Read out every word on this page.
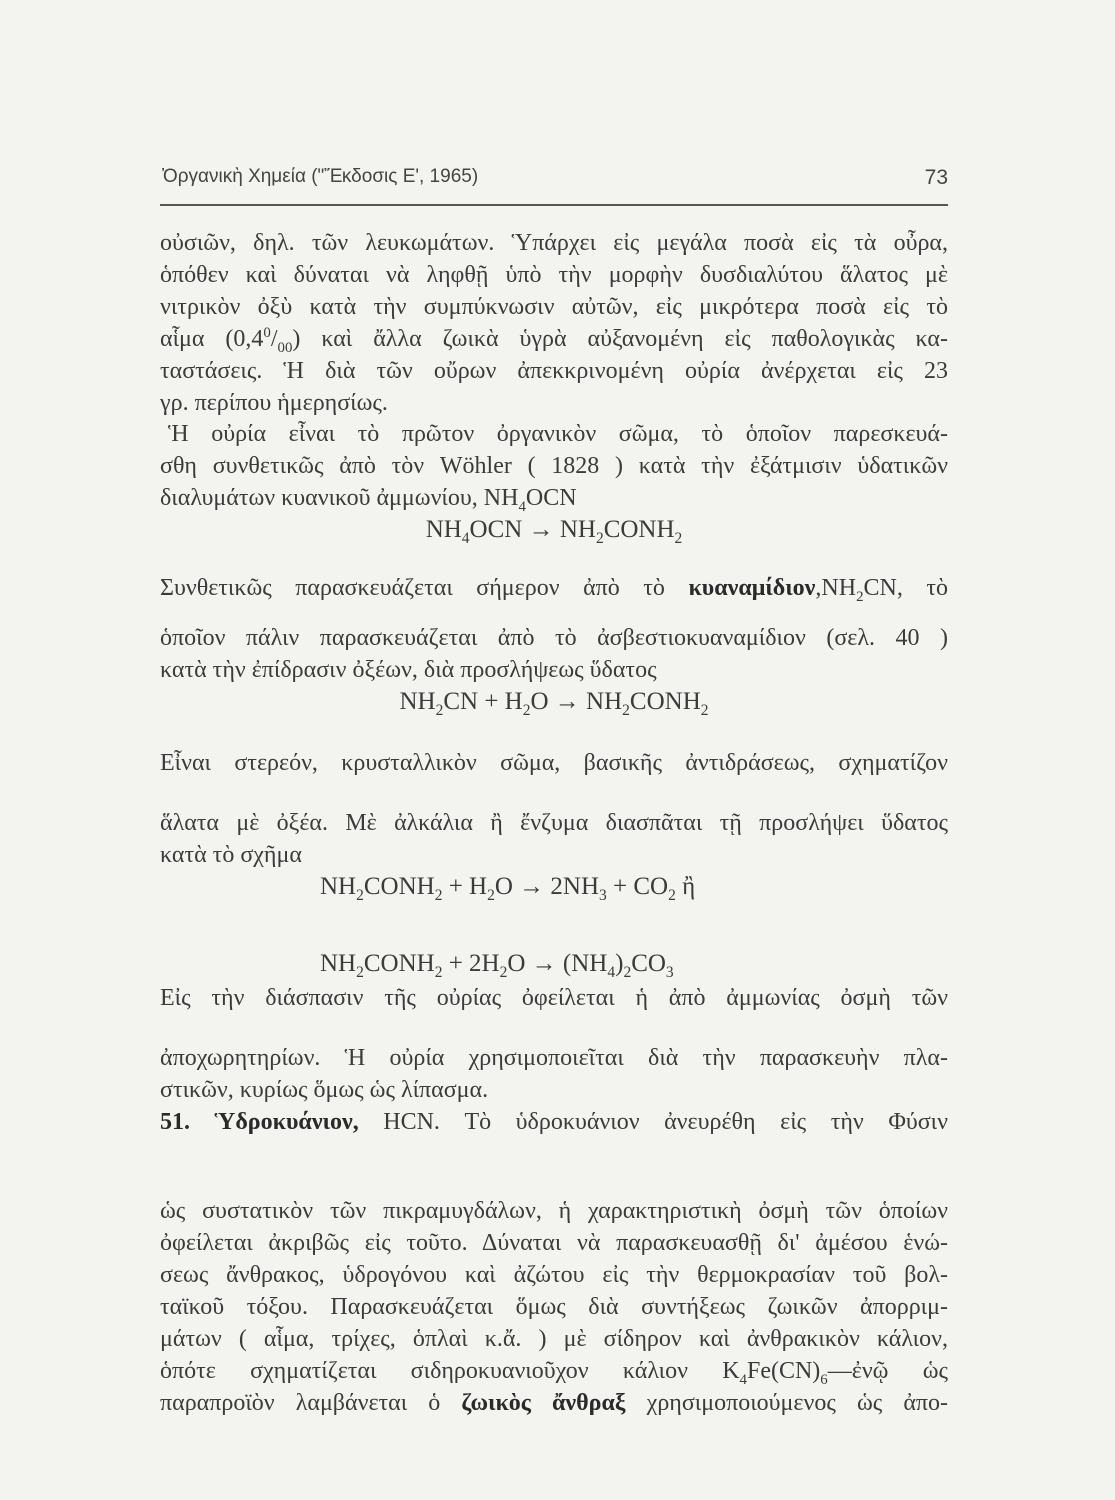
Ὀργανικὴ Χημεία ("Ἔκδοσις Ε', 1965)	73
οὐσιῶν, δηλ. τῶν λευκωμάτων. Ὑπάρχει εἰς μεγάλα ποσὰ εἰς τὰ οὖρα,
ὁπόθεν καὶ δύναται νὰ ληφθῇ ὑπὸ τὴν μορφὴν δυσδιαλύτου ἅλατος μὲ
νιτρικὸν ὀξὺ κατὰ τὴν συμπύκνωσιν αὐτῶν, εἰς μικρότερα ποσὰ εἰς τὸ
αἷμα $(0,4^0/_{00})$ καὶ ἄλλα ζωικὰ ὑγρὰ αὐξανομένη εἰς παθολογικὰς κα-
ταστάσεις. Ἡ διὰ τῶν οὔρων ἀπεκκρινομένη οὐρία ἀνέρχεται εἰς 23
γρ. περίπου ἡμερησίως.
Ἡ οὐρία εἶναι τὸ πρῶτον ὀργανικὸν σῶμα, τὸ ὁποῖον παρεσκευά-
σθη συνθετικῶς ἀπὸ τὸν Wöhler ( 1828 ) κατὰ τὴν ἐξάτμισιν ὑδατικῶν
διαλυμάτων κυανικοῦ ἀμμωνίου, $NH_4OCN$
$NH_4OCN$ → $NH_2CONH_2$
Συνθετικῶς παρασκευάζεται σήμερον ἀπὸ τὸ $\kappa\upsilon\alpha\nu\alpha\mu ί\delta\iota o\nu,NH_2CN$, τὸ
ὁποῖον πάλιν παρασκευάζεται ἀπὸ τὸ ἀσβεστιοκυαναμίδιον (σελ. 40 )
κατὰ τὴν ἐπίδρασιν ὀξέων, διὰ προσλήψεως ὕδατος
$NH_2CN + H_2O$ → $NH_2CONH_2$
Εἶναι στερεόν, κρυσταλλικὸν σῶμα, βασικῆς ἀντιδράσεως, σχηματίζον
ἅλατα μὲ ὀξέα. Μὲ ἀλκάλια ἢ ἔνζυμα διασπᾶται τῇ προσλήψει ὕδατος
κατὰ τὸ σχῆμα
$NH_2CONH_2 + H_2O \to 2NH_3 + CO_2$ ἢ
$NH_2CONH_2 + 2H_2O \to (NH_4)_2CO_3$
Εἰς τὴν διάσπασιν τῆς οὐρίας ὀφείλεται ἡ ἀπὸ ἀμμωνίας ὀσμὴ τῶν
ἀποχωρητηρίων. Ἡ οὐρία χρησιμοποιεῖται διὰ τὴν παρασκευὴν πλα-
στικῶν, κυρίως ὅμως ὡς λίπασμα.
51. Ὑδροκυάνιον, HCN. Τὸ ὑδροκυάνιον ἀνευρέθη εἰς τὴν Φύσιν
ὡς συστατικὸν τῶν πικραμυγδάλων, ἡ χαρακτηριστικὴ ὀσμὴ τῶν ὁποίων
ὀφείλεται ἀκριβῶς εἰς τοῦτο. Δύναται νὰ παρασκευασθῇ δι' ἀμέσου ἑνώ-
σεως ἄνθρακος, ὑδρογόνου καὶ ἀζώτου εἰς τὴν θερμοκρασίαν τοῦ βολ-
ταϊκοῦ τόξου. Παρασκευάζεται ὅμως διὰ συντήξεως ζωικῶν ἀπορριμ-
μάτων ( αἷμα, τρίχες, ὁπλαὶ κ.ἄ. ) μὲ σίδηρον καὶ ἀνθρακικὸν κάλιον,
ὁπότε σχηματίζεται σιδηροκυανιοῦχον κάλιον $K_4Fe(CN)_6—ἐ\nu ῷ$ ὡς
παραπροϊὸν λαμβάνεται ὁ ζωικὸς ἄνθραξ χρησιμοποιούμενος ὡς ἀπο-
